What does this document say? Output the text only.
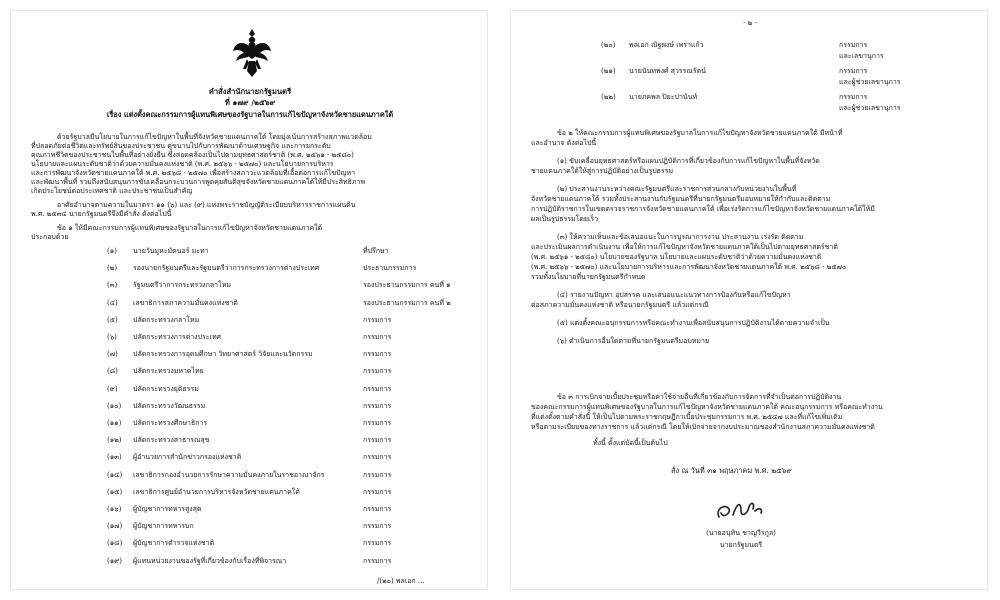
คำสั่งสำนักนายกรัฐมนตรี
ที่ ๑๗๙ /๒๕๖๙
เรื่อง แต่งตั้งคณะกรรมการผู้แทนพิเศษของรัฐบาลในการแก้ไขปัญหาจังหวัดชายแดนภาคใต้
ด้วยรัฐบาลมีนโยบายในการแก้ไขปัญหาในพื้นที่จังหวัดชายแดนภาคใต้ โดยมุ่งเน้นการสร้างสภาพแวดล้อม
ที่ปลอดภัยต่อชีวิตและทรัพย์สินของประชาชน คู่ขนานไปกับการพัฒนาด้านเศรษฐกิจ และการยกระดับ
คุณภาพชีวิตของประชาชนในพื้นที่อย่างยั่งยืน ซึ่งสอดคล้องเป็นไปตามยุทธศาสตร์ชาติ (พ.ศ. ๒๕๖๑ - ๒๕๘๐)
นโยบายและแผนระดับชาติว่าด้วยความมั่นคงแห่งชาติ (พ.ศ. ๒๕๖๖ - ๒๕๗๐) และนโยบายการบริหาร
และการพัฒนาจังหวัดชายแดนภาคใต้ พ.ศ. ๒๕๖๘ - ๒๕๗๐ เพื่อสร้างสภาวะแวดล้อมที่เอื้อต่อการแก้ไขปัญหา
และพัฒนาพื้นที่ รวมถึงสนับสนุนการขับเคลื่อนกระบวนการพูดคุยสันติสุขจังหวัดชายแดนภาคใต้ให้มีประสิทธิภาพ
เกิดประโยชน์ต่อประเทศชาติ และประชาชนเป็นสำคัญ
อาศัยอำนาจตามความในมาตรา ๑๑ (๖) และ (๙) แห่งพระราชบัญญัติระเบียบบริหารราชการแผ่นดิน
พ.ศ. ๒๕๓๔ นายกรัฐมนตรีจึงมีคำสั่ง ดังต่อไปนี้
ข้อ ๑ ให้มีคณะกรรมการผู้แทนพิเศษของรัฐบาลในการแก้ไขปัญหาจังหวัดชายแดนภาคใต้
ประกอบด้วย
(๑) นายวันมูหะมัดนอร์ มะทา	ที่ปรึกษา
(๒) รองนายกรัฐมนตรีและรัฐมนตรีว่าการกระทรวงการต่างประเทศ	ประธานกรรมการ
(๓) รัฐมนตรีว่าการกระทรวงกลาโหม	รองประธานกรรมการ คนที่ ๑
(๔) เลขาธิการสภาความมั่นคงแห่งชาติ	รองประธานกรรมการ คนที่ ๒
(๕) ปลัดกระทรวงกลาโหม	กรรมการ
(๖) ปลัดกระทรวงการต่างประเทศ	กรรมการ
(๗) ปลัดกระทรวงการอุดมศึกษา วิทยาศาสตร์ วิจัยและนวัตกรรม	กรรมการ
(๘) ปลัดกระทรวงมหาดไทย	กรรมการ
(๙) ปลัดกระทรวงยุติธรรม	กรรมการ
(๑๐) ปลัดกระทรวงวัฒนธรรม	กรรมการ
(๑๑) ปลัดกระทรวงศึกษาธิการ	กรรมการ
(๑๒) ปลัดกระทรวงสาธารณสุข	กรรมการ
(๑๓) ผู้อำนวยการสำนักข่าวกรองแห่งชาติ	กรรมการ
(๑๔) เลขาธิการกองอำนวยการรักษาความมั่นคงภายในราชอาณาจักร	กรรมการ
(๑๕) เลขาธิการศูนย์อำนวยการบริหารจังหวัดชายแดนภาคใต้	กรรมการ
(๑๖) ผู้บัญชาการทหารสูงสุด	กรรมการ
(๑๗) ผู้บัญชาการทหารบก	กรรมการ
(๑๘) ผู้บัญชาการตำรวจแห่งชาติ	กรรมการ
(๑๙) ผู้แทนหน่วยงานของรัฐที่เกี่ยวข้องกับเรื่องที่พิจารณา	กรรมการ
/(๒๐) พลเอก ...
- ๒ -
(๒๐) พลเอก ณัฐพงษ์ เพราแก้ว	กรรมการ
และเลขานุการ
(๒๑) นายนันทพงศ์ สุวรรณรัตน์	กรรมการ
และผู้ช่วยเลขานุการ
(๒๒) นายภคพล ปิยะปานันท์	กรรมการ
และผู้ช่วยเลขานุการ
ข้อ ๒ ให้คณะกรรมการผู้แทนพิเศษของรัฐบาลในการแก้ไขปัญหาจังหวัดชายแดนภาคใต้ มีหน้าที่
และอำนาจ ดังต่อไปนี้
(๑) ขับเคลื่อนยุทธศาสตร์หรือแผนปฏิบัติการที่เกี่ยวข้องกับการแก้ไขปัญหาในพื้นที่จังหวัด
ชายแดนภาคใต้ให้สู่การปฏิบัติอย่างเป็นรูปธรรม
(๒) ประสานงานระหว่างคณะรัฐมนตรีและราชการส่วนกลางกับหน่วยงานในพื้นที่
จังหวัดชายแดนภาคใต้ รวมทั้งประสานงานกับรัฐมนตรีที่นายกรัฐมนตรีมอบหมายให้กำกับและติดตาม
การปฏิบัติราชการในเขตตรวจราชการจังหวัดชายแดนภาคใต้ เพื่อเร่งรัดการแก้ไขปัญหาจังหวัดชายแดนภาคใต้ให้มี
ผลเป็นรูปธรรมโดยเร็ว
(๓) ให้ความเห็นและข้อเสนอแนะในการบูรณาการงาน ประสานงาน เร่งรัด ติดตาม
และประเมินผลการดำเนินงาน เพื่อให้การแก้ไขปัญหาจังหวัดชายแดนภาคใต้เป็นไปตามยุทธศาสตร์ชาติ
(พ.ศ. ๒๕๖๑ - ๒๕๘๐) นโยบายของรัฐบาล นโยบายและแผนระดับชาติว่าด้วยความมั่นคงแห่งชาติ
(พ.ศ. ๒๕๖๖ - ๒๕๗๐) และนโยบายการบริหารและการพัฒนาจังหวัดชายแดนภาคใต้ พ.ศ. ๒๕๖๘ - ๒๕๗๐
รวมทั้งนโยบายที่นายกรัฐมนตรีกำหนด
(๔) รายงานปัญหา อุปสรรค และเสนอแนะแนวทางการป้องกันหรือแก้ไขปัญหา
ต่อสภาความมั่นคงแห่งชาติ หรือนายกรัฐมนตรี แล้วแต่กรณี
(๕) แต่งตั้งคณะอนุกรรมการหรือคณะทำงานเพื่อสนับสนุนการปฏิบัติงานได้ตามความจำเป็น
(๖) ดำเนินการอื่นใดตามที่นายกรัฐมนตรีมอบหมาย
ข้อ ๓ การเบิกจ่ายเบี้ยประชุมหรือค่าใช้จ่ายอื่นที่เกี่ยวข้องกับการจัดการที่จำเป็นต่อการปฏิบัติงาน
ของคณะกรรมการผู้แทนพิเศษของรัฐบาลในการแก้ไขปัญหาจังหวัดชายแดนภาคใต้ คณะอนุกรรมการ หรือคณะทำงาน
ที่แต่งตั้งตามคำสั่งนี้ ให้เป็นไปตามพระราชกฤษฎีกาเบี้ยประชุมกรรมการ พ.ศ. ๒๕๔๗ และที่แก้ไขเพิ่มเติม
หรือตามระเบียบของทางราชการ แล้วแต่กรณี โดยให้เบิกจ่ายจากงบประมาณของสำนักงานสภาความมั่นคงแห่งชาติ
ทั้งนี้ ตั้งแต่บัดนี้เป็นต้นไป
สั่ง ณ วันที่ ๓๑ พฤษภาคม พ.ศ. ๒๕๖๙
(นายอนุทิน ชาญวีรกูล)
นายกรัฐมนตรี
